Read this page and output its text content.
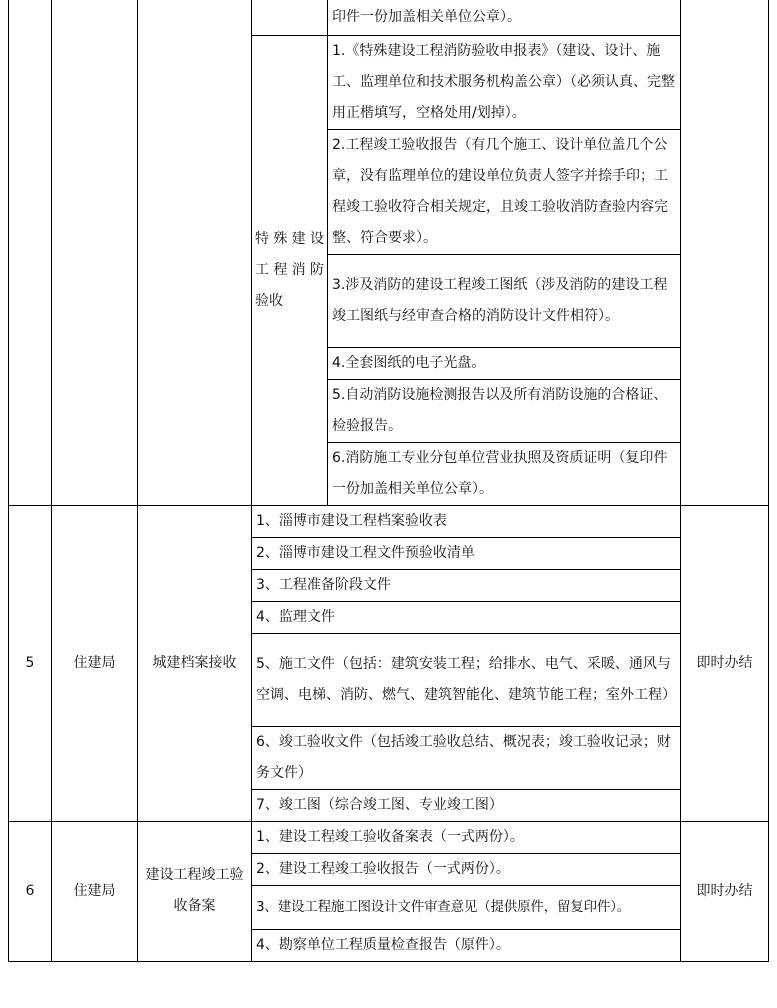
				印件一份加盖相关单位公章）。	

			特殊建设工程消防验收	1.《特殊建设工程消防验收申报表》（建设、设计、施工、监理单位和技术服务机构盖公章）（必须认真、完整用正楷填写，空格处用/划掉）。	
				2.工程竣工验收报告（有几个施工、设计单位盖几个公章，没有监理单位的建设单位负责人签字并捺手印；工程竣工验收符合相关规定，且竣工验收消防查验内容完整、符合要求）。	
				3.涉及消防的建设工程竣工图纸（涉及消防的建设工程竣工图纸与经审查合格的消防设计文件相符）。	
				4.全套图纸的电子光盘。	
				5.自动消防设施检测报告以及所有消防设施的合格证、检验报告。	
				6.消防施工专业分包单位营业执照及资质证明（复印件一份加盖相关单位公章）。	

5	住建局	城建档案接收	1、淄博市建设工程档案验收表		即时办结
			2、淄博市建设工程文件预验收清单		
			3、工程准备阶段文件		
			4、监理文件		
			5、施工文件（包括：建筑安装工程；给排水、电气、采暖、通风与空调、电梯、消防、燃气、建筑智能化、建筑节能工程；室外工程）		
			6、竣工验收文件（包括竣工验收总结、概况表；竣工验收记录；财务文件）		
			7、竣工图（综合竣工图、专业竣工图）		
6	住建局	建设工程竣工验收备案	1、建设工程竣工验收备案表（一式两份）。		即时办结
			2、建设工程竣工验收报告（一式两份）。		
			3、建设工程施工图设计文件审查意见（提供原件，留复印件）。		
			4、勘察单位工程质量检查报告（原件）。		
